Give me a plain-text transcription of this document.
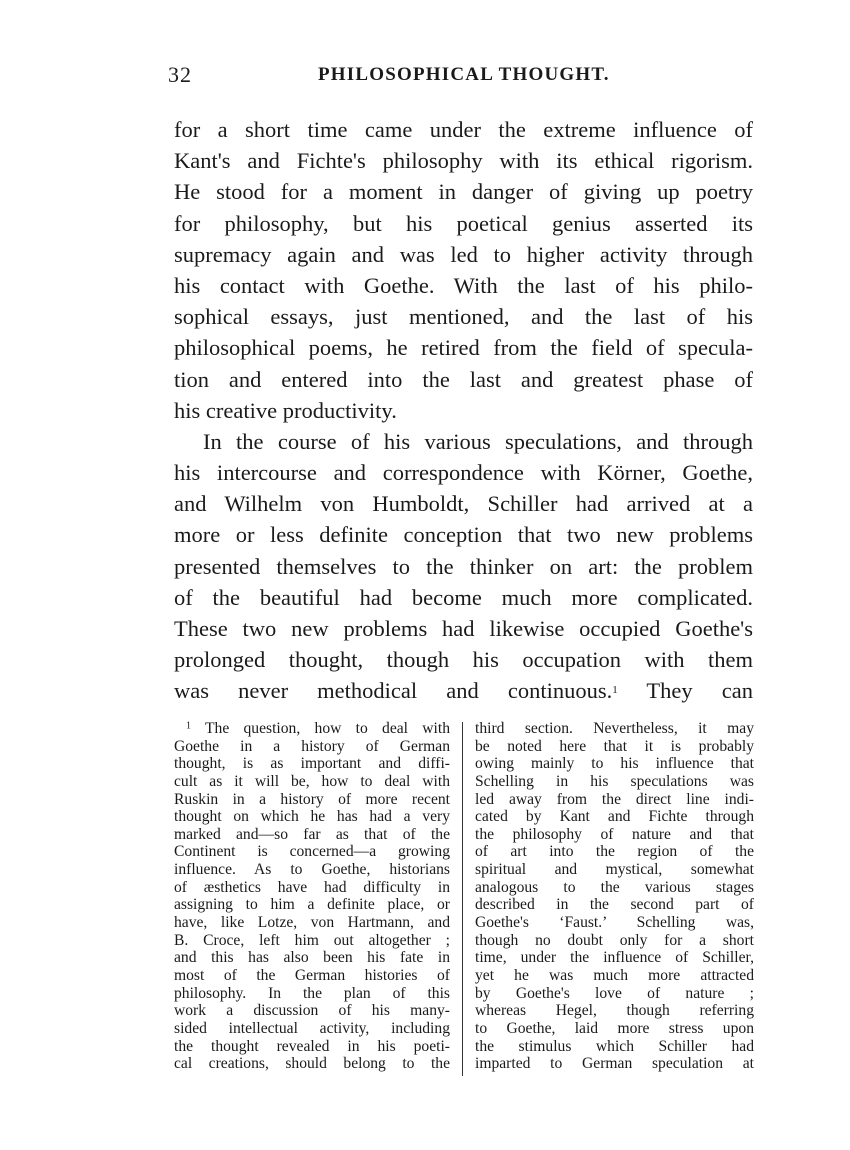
32	PHILOSOPHICAL THOUGHT.
for a short time came under the extreme influence of
Kant's and Fichte's philosophy with its ethical rigorism.
He stood for a moment in danger of giving up poetry
for philosophy, but his poetical genius asserted its
supremacy again and was led to higher activity through
his contact with Goethe. With the last of his philo-
sophical essays, just mentioned, and the last of his
philosophical poems, he retired from the field of specula-
tion and entered into the last and greatest phase of
his creative productivity.
In the course of his various speculations, and through
his intercourse and correspondence with Körner, Goethe,
and Wilhelm von Humboldt, Schiller had arrived at a
more or less definite conception that two new problems
presented themselves to the thinker on art: the problem
of the beautiful had become much more complicated.
These two new problems had likewise occupied Goethe's
prolonged thought, though his occupation with them
was never methodical and continuous.$^1$ They can
$^1$ The question, how to deal with
Goethe in a history of German
thought, is as important and diffi-
cult as it will be, how to deal with
Ruskin in a history of more recent
thought on which he has had a very
marked and—so far as that of the
Continent is concerned—a growing
influence. As to Goethe, historians
of æsthetics have had difficulty in
assigning to him a definite place, or
have, like Lotze, von Hartmann, and
B. Croce, left him out altogether ;
and this has also been his fate in
most of the German histories of
philosophy. In the plan of this
work a discussion of his many-
sided intellectual activity, including
the thought revealed in his poeti-
cal creations, should belong to the
third section. Nevertheless, it may
be noted here that it is probably
owing mainly to his influence that
Schelling in his speculations was
led away from the direct line indi-
cated by Kant and Fichte through
the philosophy of nature and that
of art into the region of the
spiritual and mystical, somewhat
analogous to the various stages
described in the second part of
Goethe's ‘Faust.’ Schelling was,
though no doubt only for a short
time, under the influence of Schiller,
yet he was much more attracted
by Goethe's love of nature ;
whereas Hegel, though referring
to Goethe, laid more stress upon
the stimulus which Schiller had
imparted to German speculation at
